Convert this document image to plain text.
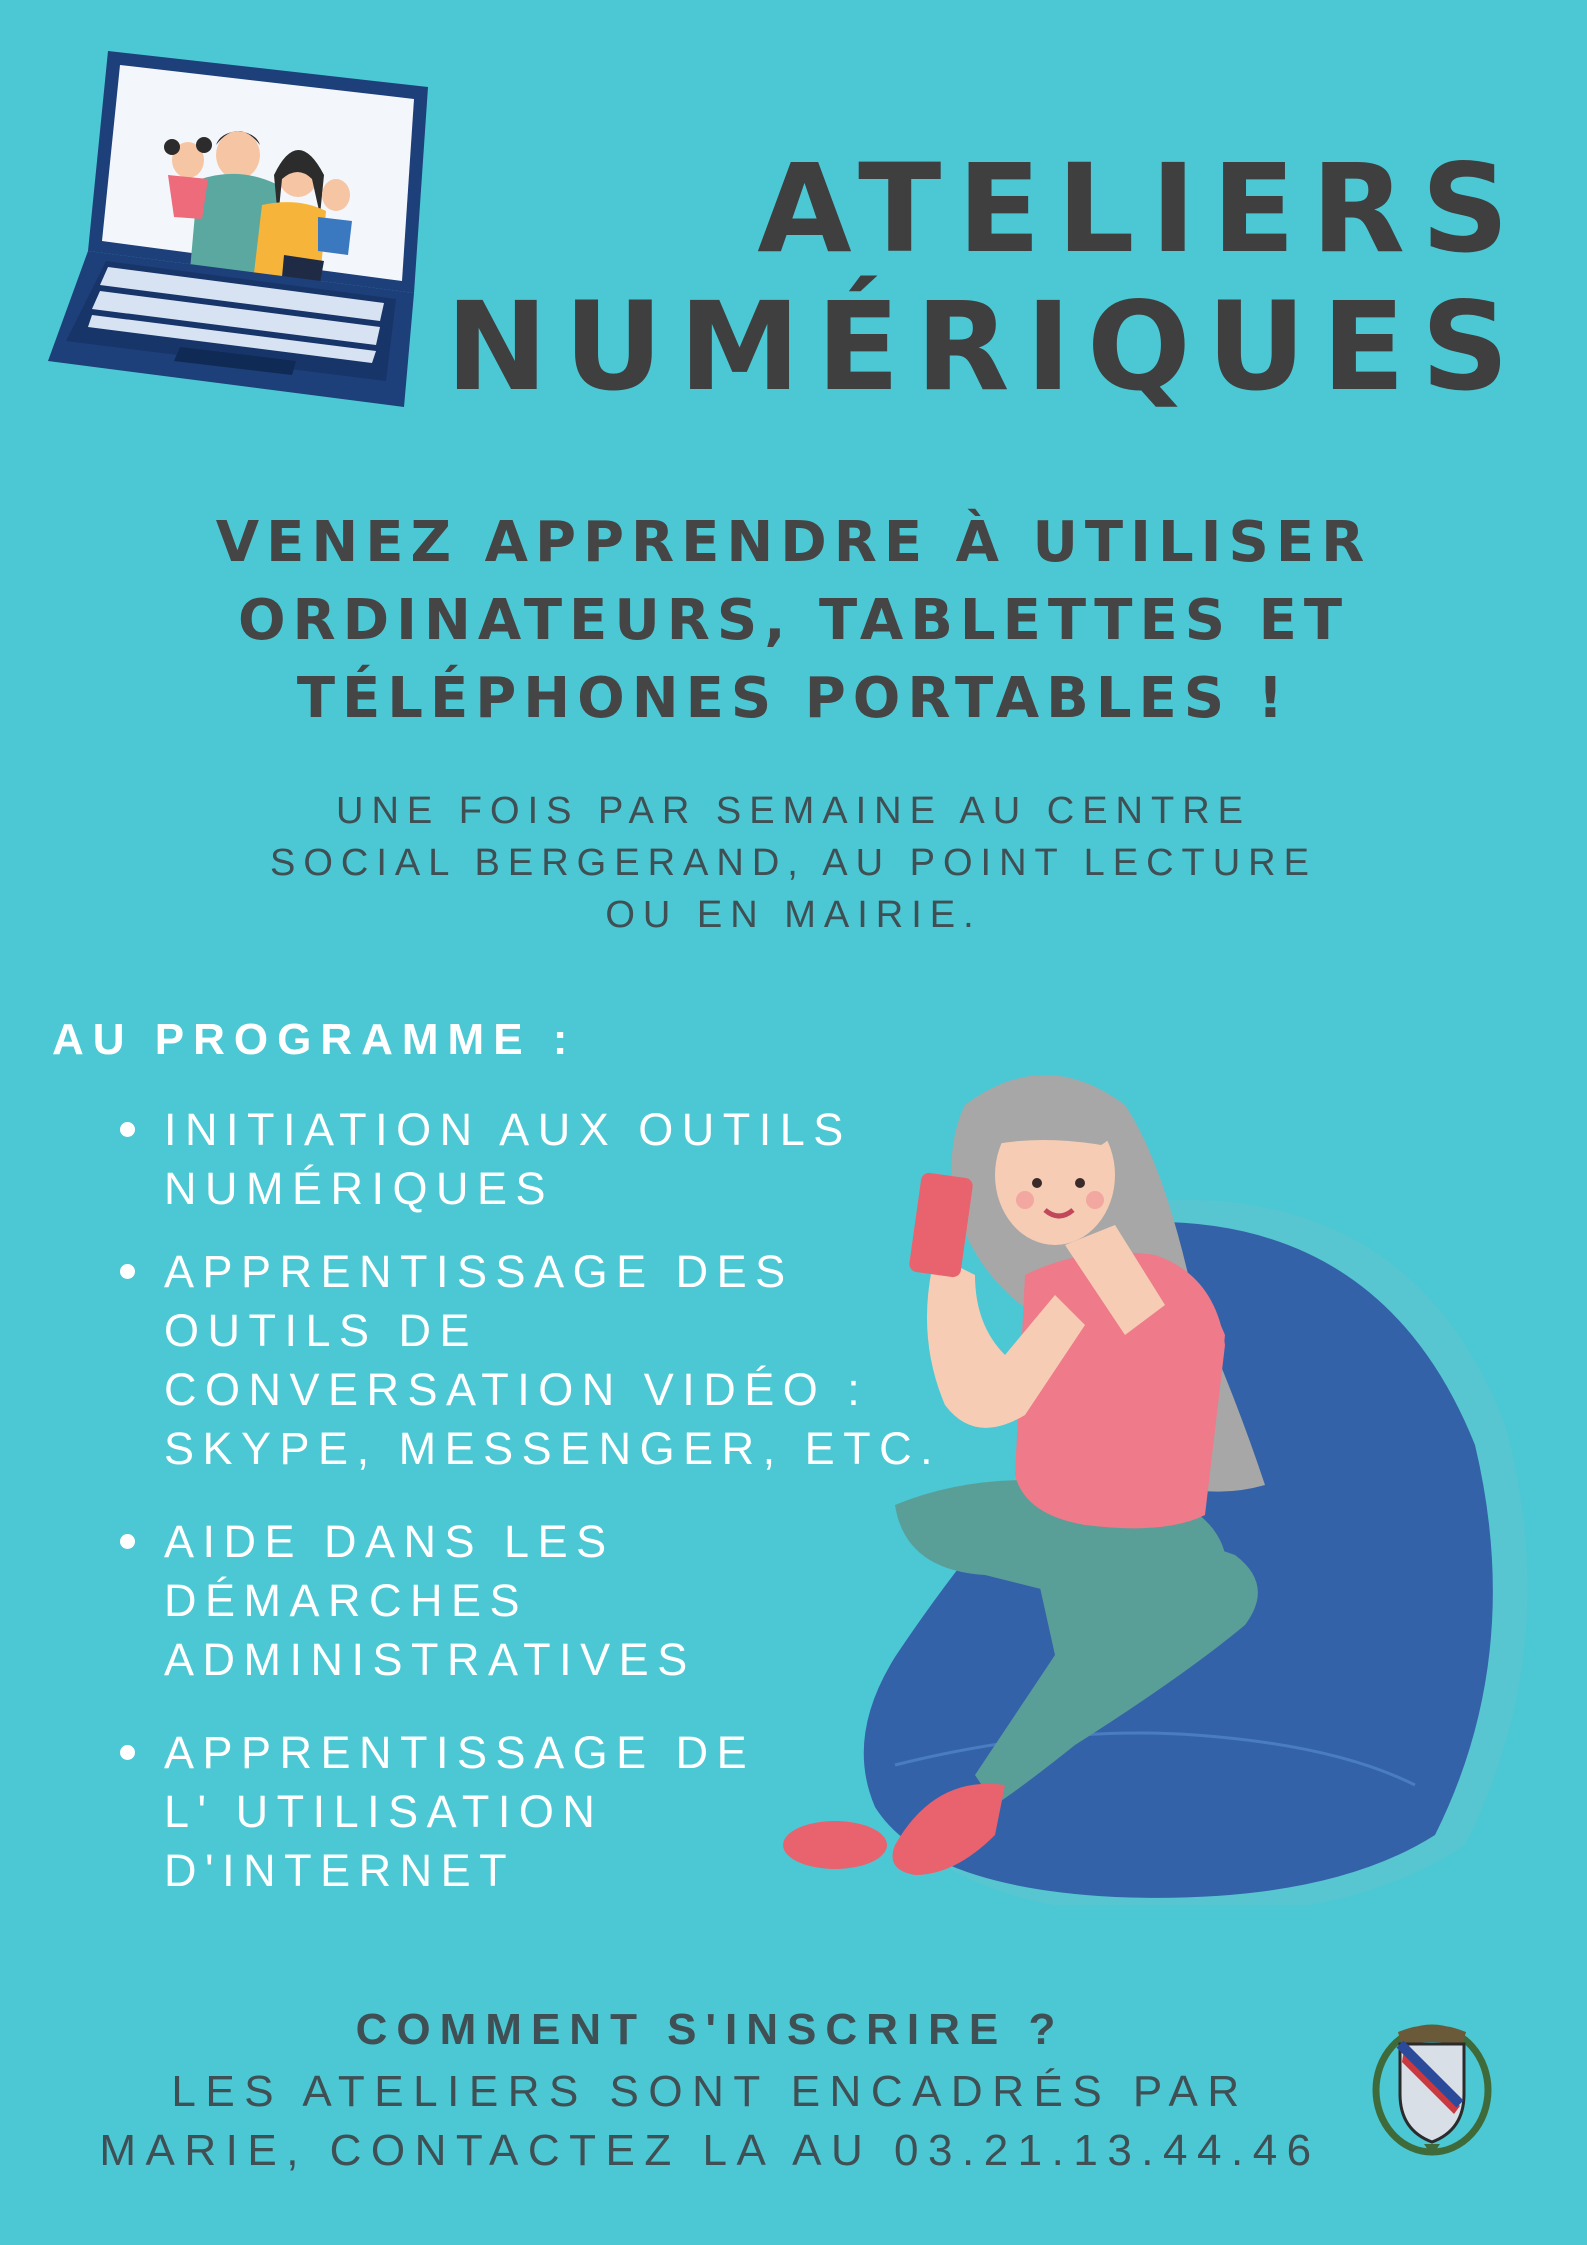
ATELIERS
NUMÉRIQUES
VENEZ APPRENDRE À UTILISER
ORDINATEURS, TABLETTES ET
TÉLÉPHONES PORTABLES !

UNE FOIS PAR SEMAINE AU CENTRE
SOCIAL BERGERAND, AU POINT LECTURE
OU EN MAIRIE.

AU PROGRAMME :
INITIATION AUX OUTILS
NUMÉRIQUES
APPRENTISSAGE DES
OUTILS DE
CONVERSATION VIDÉO :
SKYPE, MESSENGER, ETC.
AIDE DANS LES
DÉMARCHES
ADMINISTRATIVES
APPRENTISSAGE DE
L' UTILISATION
D'INTERNET
COMMENT S'INSCRIRE ?
LES ATELIERS SONT ENCADRÉS PAR
MARIE, CONTACTEZ LA AU 03.21.13.44.46
